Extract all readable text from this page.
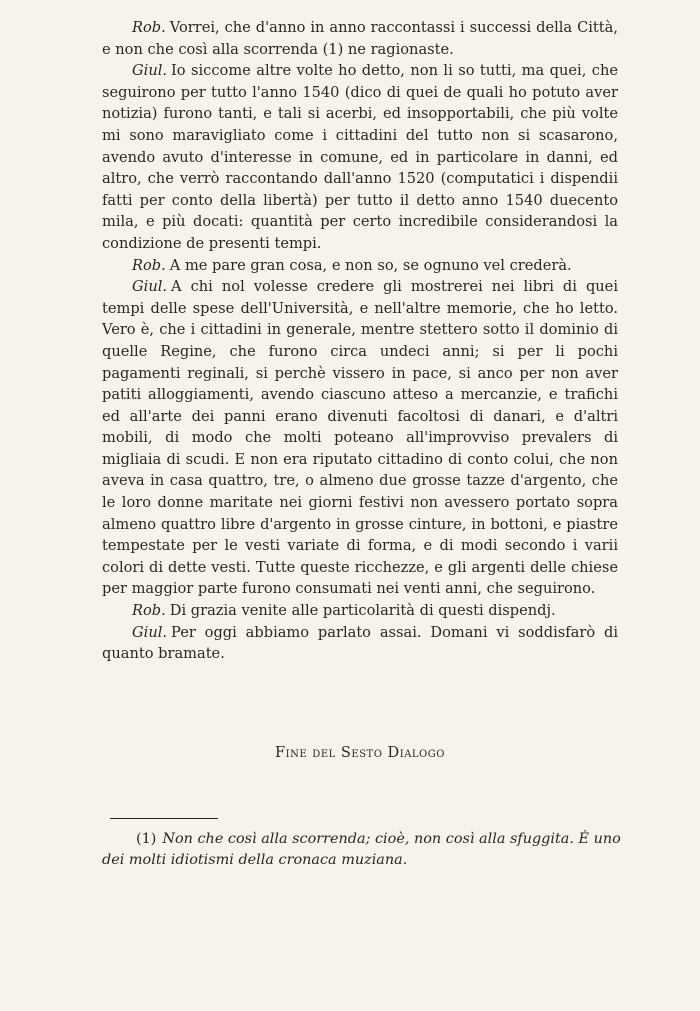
Rob. Vorrei, che d'anno in anno raccontassi i successi della Città, e non che così alla scorrenda (1) ne ragionaste.

Giul. Io siccome altre volte ho detto, non li so tutti, ma quei, che seguirono per tutto l'anno 1540 (dico di quei de quali ho potuto aver notizia) furono tanti, e tali si acerbi, ed insopportabili, che più volte mi sono maravigliato come i cittadini del tutto non si scasarono, avendo avuto d'interesse in comune, ed in particolare in danni, ed altro, che verrò raccontando dall'anno 1520 (computatici i dispendii fatti per conto della libertà) per tutto il detto anno 1540 duecento mila, e più docati: quantità per certo incredibile considerandosi la condizione de presenti tempi.

Rob. A me pare gran cosa, e non so, se ognuno vel crederà.

Giul. A chi nol volesse credere gli mostrerei nei libri di quei tempi delle spese dell'Università, e nell'altre memorie, che ho letto. Vero è, che i cittadini in generale, mentre stettero sotto il dominio di quelle Regine, che furono circa undeci anni; si per li pochi pagamenti reginali, si perchè vissero in pace, si anco per non aver patiti alloggiamenti, avendo ciascuno atteso a mercanzie, e trafichi ed all'arte dei panni erano divenuti facoltosi di danari, e d'altri mobili, di modo che molti poteano all'improvviso prevalers di migliaia di scudi. E non era riputato cittadino di conto colui, che non aveva in casa quattro, tre, o almeno due grosse tazze d'argento, che le loro donne maritate nei giorni festivi non avessero portato sopra almeno quattro libre d'argento in grosse cinture, in bottoni, e piastre tempestate per le vesti variate di forma, e di modi secondo i varii colori di dette vesti. Tutte queste ricchezze, e gli argenti delle chiese per maggior parte furono consumati nei venti anni, che seguirono.

Rob. Di grazia venite alle particolarità di questi dispendj.

Giul. Per oggi abbiamo parlato assai. Domani vi soddisfarò di quanto bramate.

Fine del Sesto Dialogo

(1) Non che così alla scorrenda; cioè, non così alla sfuggita. È uno dei molti idiotismi della cronaca muziana.
